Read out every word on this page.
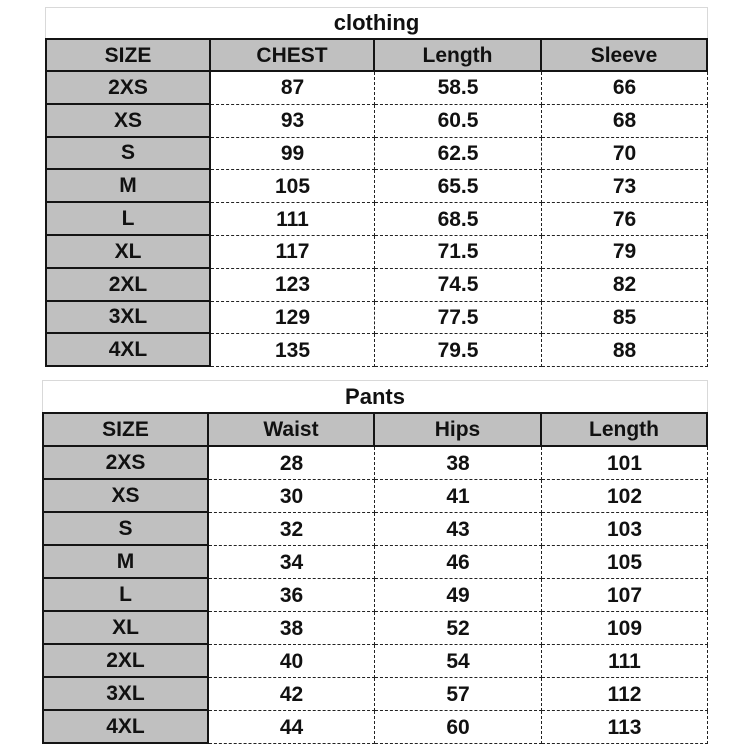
clothing
SIZE	CHEST	Length	Sleeve
2XS	87	58.5	66
XS	93	60.5	68
S	99	62.5	70
M	105	65.5	73
L	111	68.5	76
XL	117	71.5	79
2XL	123	74.5	82
3XL	129	77.5	85
4XL	135	79.5	88
Pants
SIZE	Waist	Hips	Length
2XS	28	38	101
XS	30	41	102
S	32	43	103
M	34	46	105
L	36	49	107
XL	38	52	109
2XL	40	54	111
3XL	42	57	112
4XL	44	60	113
